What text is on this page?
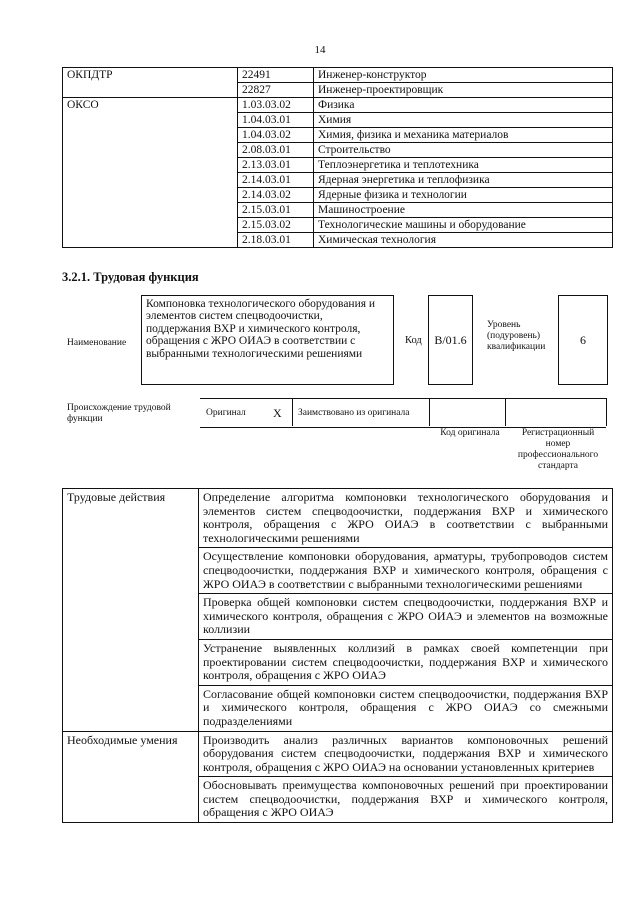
14
ОКПДТР	22491	Инженер-конструктор
	22827	Инженер-проектировщик
ОКСО	1.03.03.02	Физика
	1.04.03.01	Химия
	1.04.03.02	Химия, физика и механика материалов
	2.08.03.01	Строительство
	2.13.03.01	Теплоэнергетика и теплотехника
	2.14.03.01	Ядерная энергетика и теплофизика
	2.14.03.02	Ядерные физика и технологии
	2.15.03.01	Машиностроение
	2.15.03.02	Технологические машины и оборудование
	2.18.03.01	Химическая технология
3.2.1. Трудовая функция
Наименование
Компоновка технологического оборудования и элементов систем спецводоочистки, поддержания ВХР и химического контроля, обращения с ЖРО ОИАЭ в соответствии с выбранными технологическими решениями
Код B/01.6
Уровень (подуровень) квалификации
6
Происхождение трудовой функции
Оригинал X Заимствовано из оригинала
Код оригинала	Регистрационный номер профессионального стандарта
Трудовые действия	Определение алгоритма компоновки технологического оборудования и элементов систем спецводоочистки, поддержания ВХР и химического контроля, обращения с ЖРО ОИАЭ в соответствии с выбранными технологическими решениями
	Осуществление компоновки оборудования, арматуры, трубопроводов систем спецводоочистки, поддержания ВХР и химического контроля, обращения с ЖРО ОИАЭ в соответствии с выбранными технологическими решениями
	Проверка общей компоновки систем спецводоочистки, поддержания ВХР и химического контроля, обращения с ЖРО ОИАЭ и элементов на возможные коллизии
	Устранение выявленных коллизий в рамках своей компетенции при проектировании систем спецводоочистки, поддержания ВХР и химического контроля, обращения с ЖРО ОИАЭ
	Согласование общей компоновки систем спецводоочистки, поддержания ВХР и химического контроля, обращения с ЖРО ОИАЭ со смежными подразделениями
Необходимые умения	Производить анализ различных вариантов компоновочных решений оборудования систем спецводоочистки, поддержания ВХР и химического контроля, обращения с ЖРО ОИАЭ на основании установленных критериев
	Обосновывать преимущества компоновочных решений при проектировании систем спецводоочистки, поддержания ВХР и химического контроля, обращения с ЖРО ОИАЭ
